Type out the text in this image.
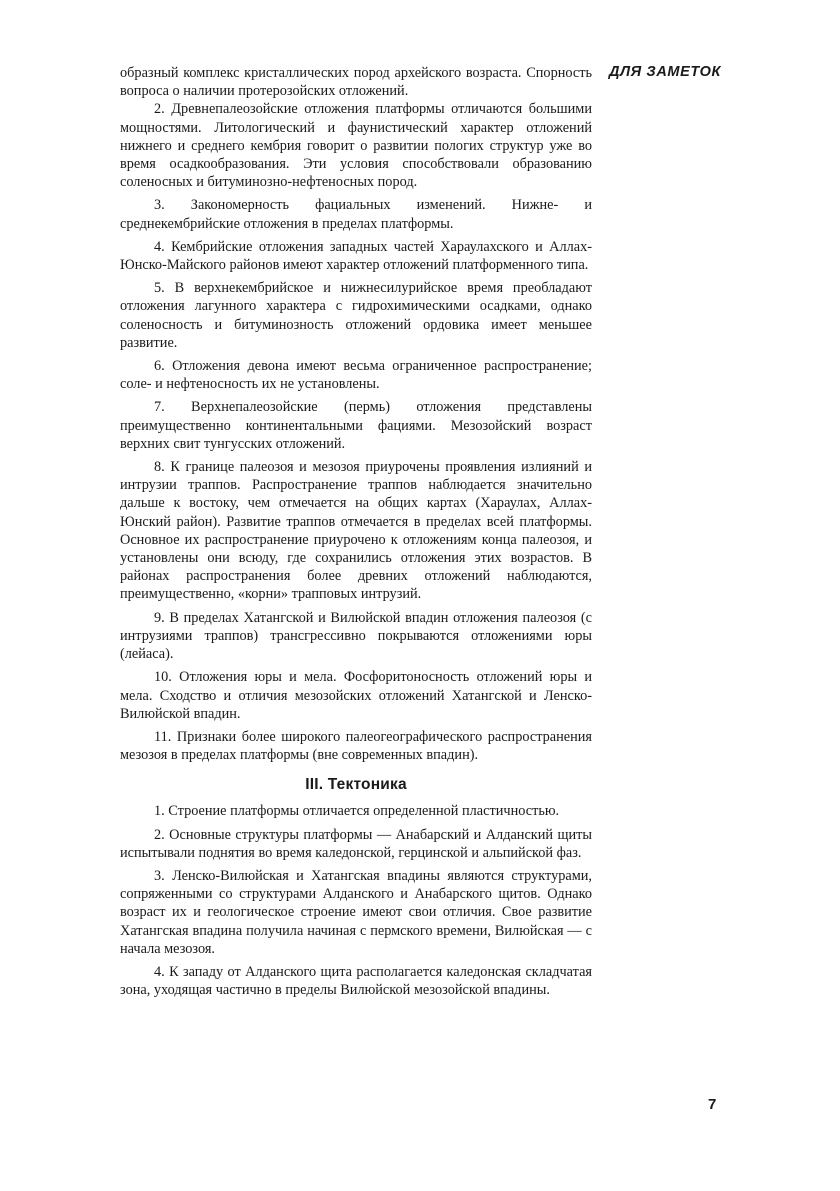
ДЛЯ ЗАМЕТОК

образный комплекс кристаллических пород архейского возраста. Спорность вопроса о наличии протерозойских отложений.

2. Древнепалеозойские отложения платформы отличаются большими мощностями. Литологический и фаунистический характер отложений нижнего и среднего кембрия говорит о развитии пологих структур уже во время осадкообразования. Эти условия способствовали образованию соленосных и битуминозно-нефтеносных пород.

3. Закономерность фациальных изменений. Нижне- и среднекембрийские отложения в пределах платформы.

4. Кембрийские отложения западных частей Хараулахского и Аллах-Юнско-Майского районов имеют характер отложений платформенного типа.

5. В верхнекембрийское и нижнесилурийское время преобладают отложения лагунного характера с гидрохимическими осадками, однако соленосность и битуминозность отложений ордовика имеет меньшее развитие.

6. Отложения девона имеют весьма ограниченное распространение; соле- и нефтеносность их не установлены.

7. Верхнепалеозойские (пермь) отложения представлены преимущественно континентальными фациями. Мезозойский возраст верхних свит тунгусских отложений.

8. К границе палеозоя и мезозоя приурочены проявления излияний и интрузии траппов. Распространение траппов наблюдается значительно дальше к востоку, чем отмечается на общих картах (Хараулах, Аллах-Юнский район). Развитие траппов отмечается в пределах всей платформы. Основное их распространение приурочено к отложениям конца палеозоя, и установлены они всюду, где сохранились отложения этих возрастов. В районах распространения более древних отложений наблюдаются, преимущественно, «корни» трапповых интрузий.

9. В пределах Хатангской и Вилюйской впадин отложения палеозоя (с интрузиями траппов) трансгрессивно покрываются отложениями юры (лейаса).

10. Отложения юры и мела. Фосфоритоносность отложений юры и мела. Сходство и отличия мезозойских отложений Хатангской и Ленско-Вилюйской впадин.

11. Признаки более широкого палеогеографического распространения мезозоя в пределах платформы (вне современных впадин).

III. Тектоника

1. Строение платформы отличается определенной пластичностью.

2. Основные структуры платформы — Анабарский и Алданский щиты испытывали поднятия во время каледонской, герцинской и альпийской фаз.

3. Ленско-Вилюйская и Хатангская впадины являются структурами, сопряженными со структурами Алданского и Анабарского щитов. Однако возраст их и геологическое строение имеют свои отличия. Свое развитие Хатангская впадина получила начиная с пермского времени, Вилюйская — с начала мезозоя.

4. К западу от Алданского щита располагается каледонская складчатая зона, уходящая частично в пределы Вилюйской мезозойской впадины.

7
